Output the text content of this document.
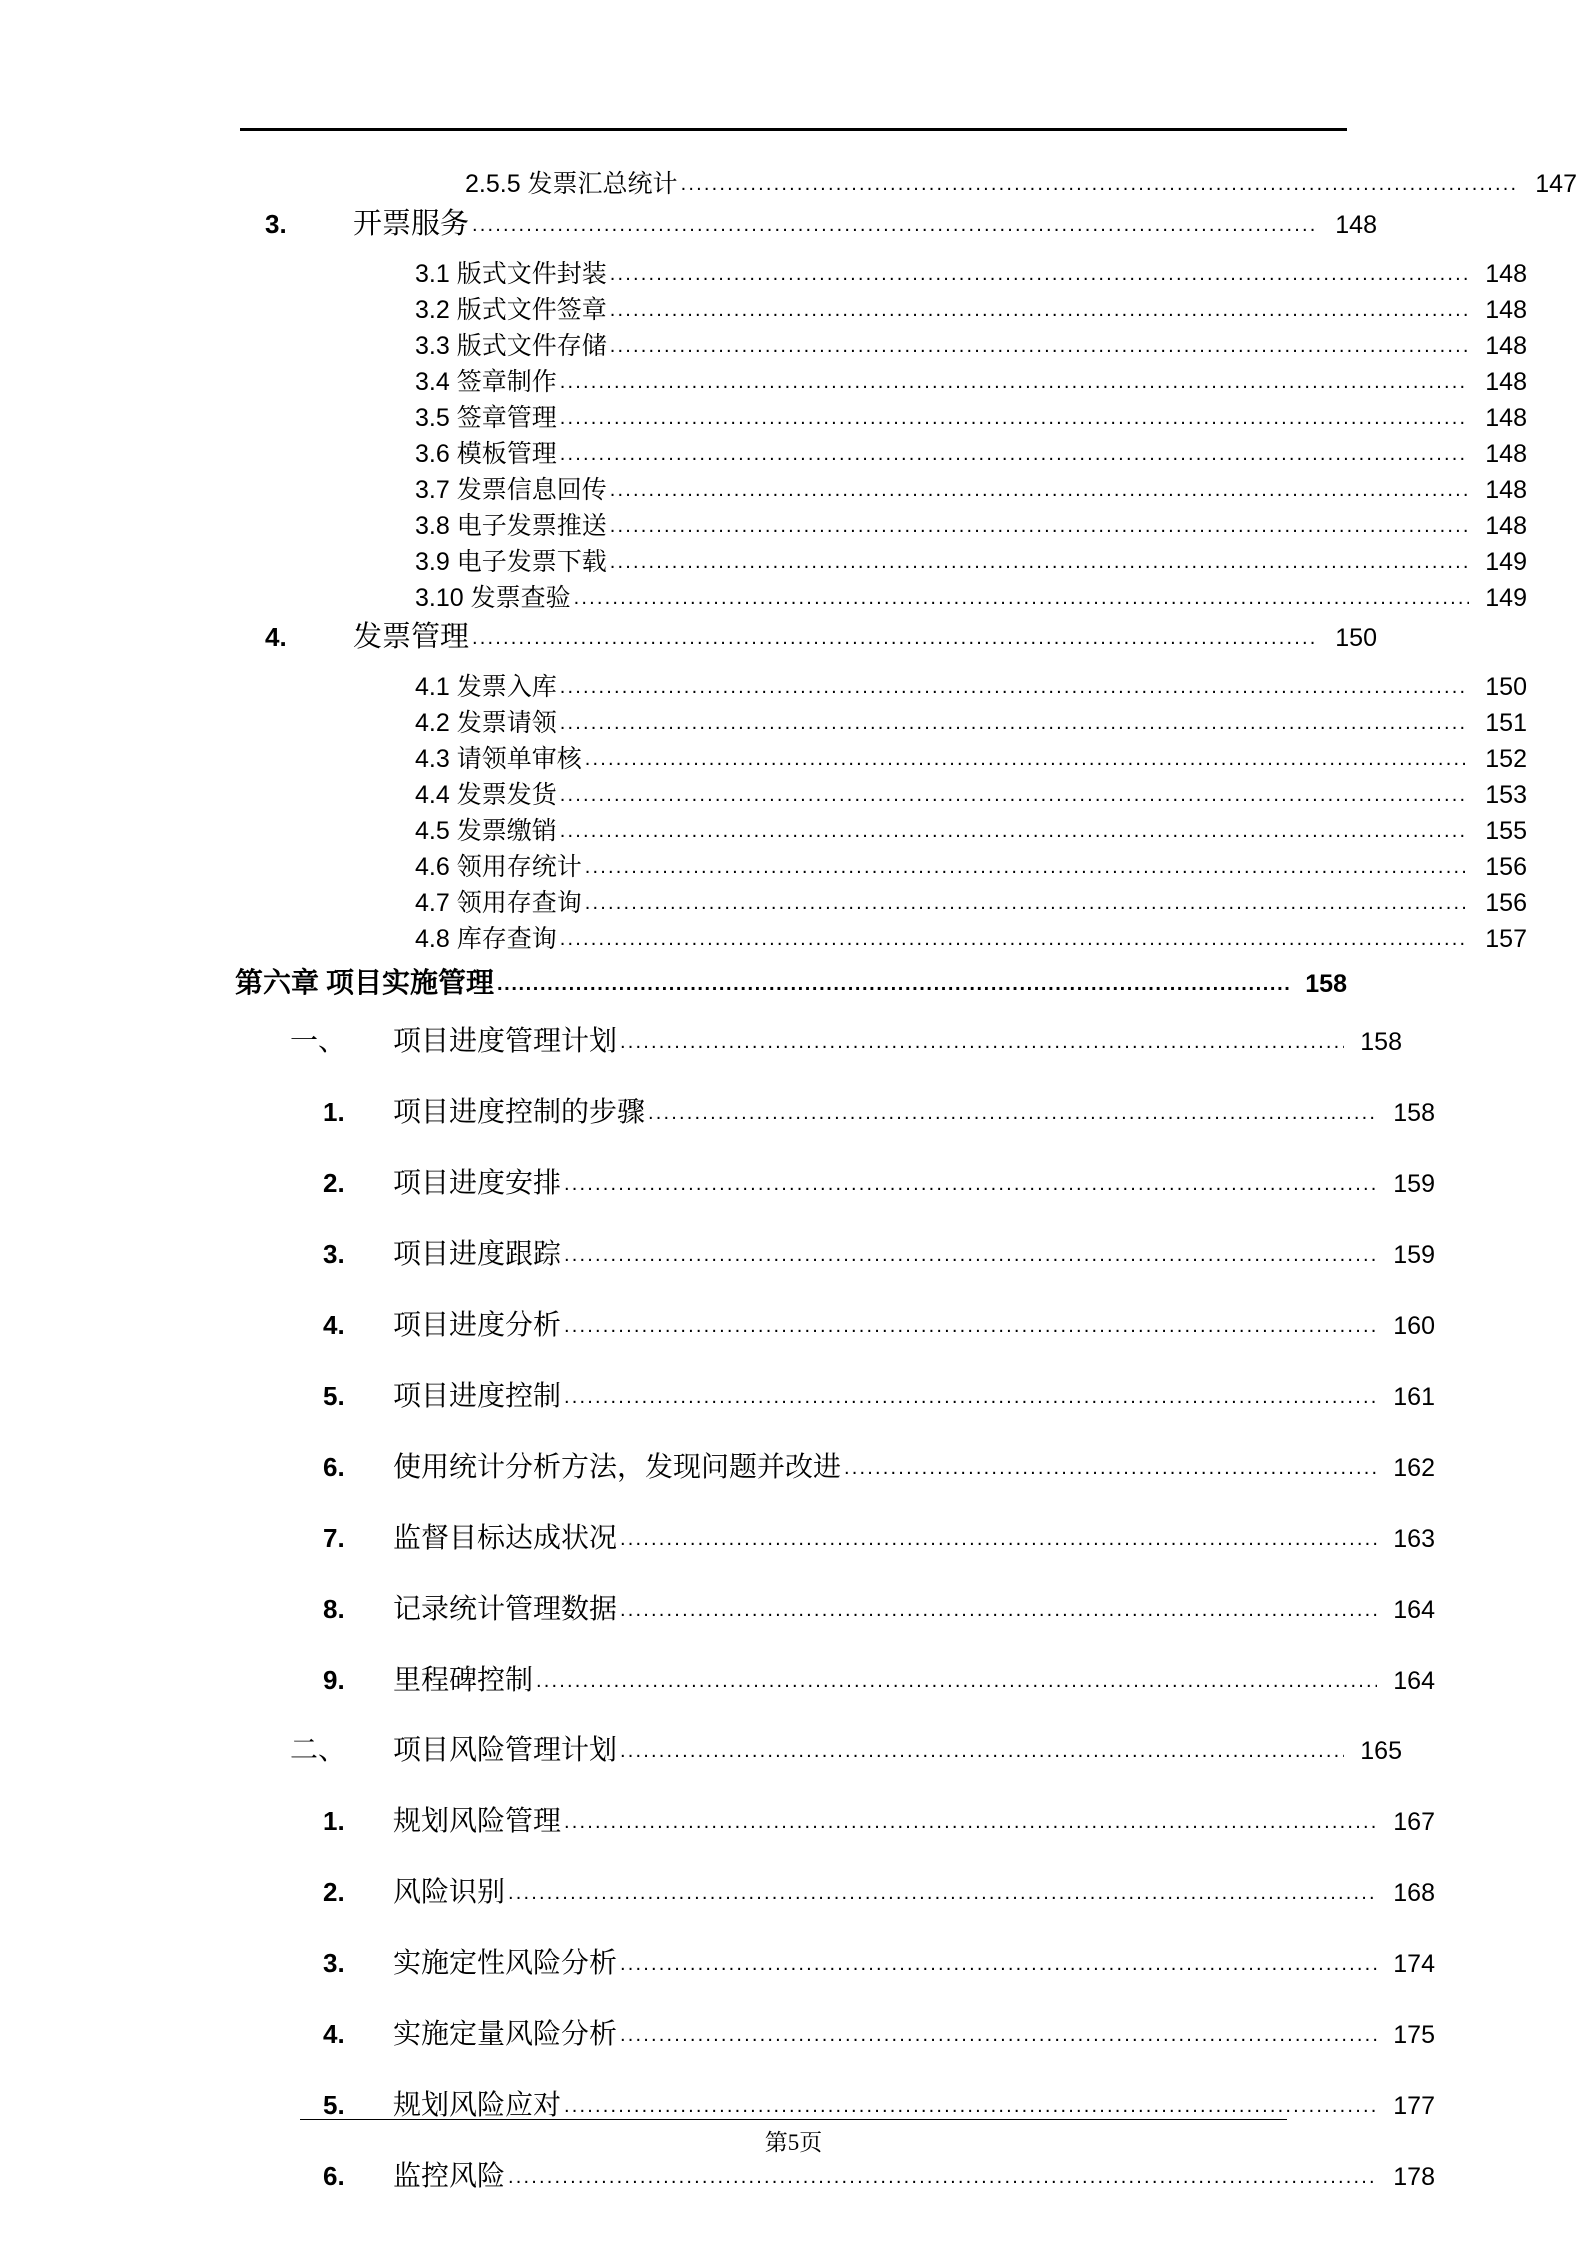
2.5.5 发票汇总统计 .....	147
3.	开票服务 .....	148
3.1 版式文件封装 .....	148
3.2 版式文件签章 .....	148
3.3 版式文件存储 .....	148
3.4 签章制作 .....	148
3.5 签章管理 .....	148
3.6 模板管理 .....	148
3.7 发票信息回传 .....	148
3.8 电子发票推送 .....	148
3.9 电子发票下载 .....	149
3.10 发票查验 .....	149
4.	发票管理 .....	150
4.1 发票入库 .....	150
4.2 发票请领 .....	151
4.3 请领单审核 .....	152
4.4 发票发货 .....	153
4.5 发票缴销 .....	155
4.6 领用存统计 .....	156
4.7 领用存查询 .....	156
4.8 库存查询 .....	157
第六章 项目实施管理 .....	158
一、	项目进度管理计划 .....	158
1.	项目进度控制的步骤 .....	158
2.	项目进度安排 .....	159
3.	项目进度跟踪 .....	159
4.	项目进度分析 .....	160
5.	项目进度控制 .....	161
6.	使用统计分析方法，发现问题并改进 .....	162
7.	监督目标达成状况 .....	163
8.	记录统计管理数据 .....	164
9.	里程碑控制 .....	164
二、	项目风险管理计划 .....	165
1.	规划风险管理 .....	167
2.	风险识别 .....	168
3.	实施定性风险分析 .....	174
4.	实施定量风险分析 .....	175
5.	规划风险应对 .....	177
6.	监控风险 .....	178
第5页
